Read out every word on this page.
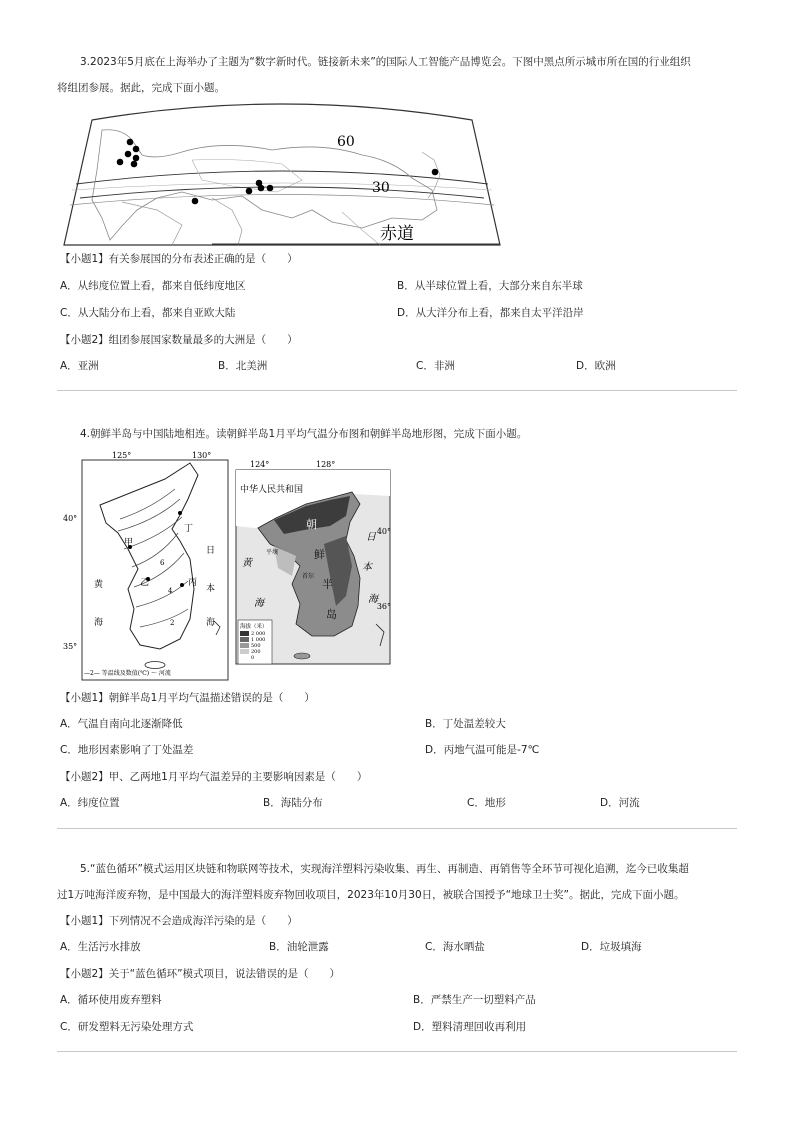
3.2023年5月底在上海举办了主题为“数字新时代。链接新未来”的国际人工智能产品博览会。下图中黑点所示城市所在国的行业组织
将组团参展。据此，完成下面小题。
60
30
赤道
【小题1】有关参展国的分布表述正确的是（　　）
A．从纬度位置上看，都来自低纬度地区	B．从半球位置上看，大部分来自东半球
C．从大陆分布上看，都来自亚欧大陆	D．从大洋分布上看，都来自太平洋沿岸
【小题2】组团参展国家数量最多的大洲是（　　）
A．亚洲	B．北美洲	C．非洲	D．欧洲
4.朝鲜半岛与中国陆地相连。读朝鲜半岛1月平均气温分布图和朝鲜半岛地形图，完成下面小题。
125°	130°
40°
35°
甲
乙	丙
丁
6
4
2
黄
海
日
本
海
—2— 等温线及数值(℃) ～ 河流
124°	128°
40°
36°
中华人民共和国
朝
鲜
半
岛
平壤
首尔
黄
海
日
本
海
海拔（米）
2 000
1 000
500
200
0
【小题1】朝鲜半岛1月平均气温描述错误的是（　　）
A．气温自南向北逐渐降低	B．丁处温差较大
C．地形因素影响了丁处温差	D．丙地气温可能是-7℃
【小题2】甲、乙两地1月平均气温差异的主要影响因素是（　　）
A．纬度位置	B．海陆分布	C．地形	D．河流
5.“蓝色循环”模式运用区块链和物联网等技术，实现海洋塑料污染收集、再生、再制造、再销售等全环节可视化追溯，迄今已收集超
过1万吨海洋废弃物，是中国最大的海洋塑料废弃物回收项目，2023年10月30日，被联合国授予“地球卫士奖”。据此，完成下面小题。
【小题1】下列情况不会造成海洋污染的是（　　）
A．生活污水排放	B．油轮泄露	C．海水晒盐	D．垃圾填海
【小题2】关于“蓝色循环”模式项目，说法错误的是（　　）
A．循环使用废弃塑料	B．严禁生产一切塑料产品
C．研发塑料无污染处理方式	D．塑料清理回收再利用
